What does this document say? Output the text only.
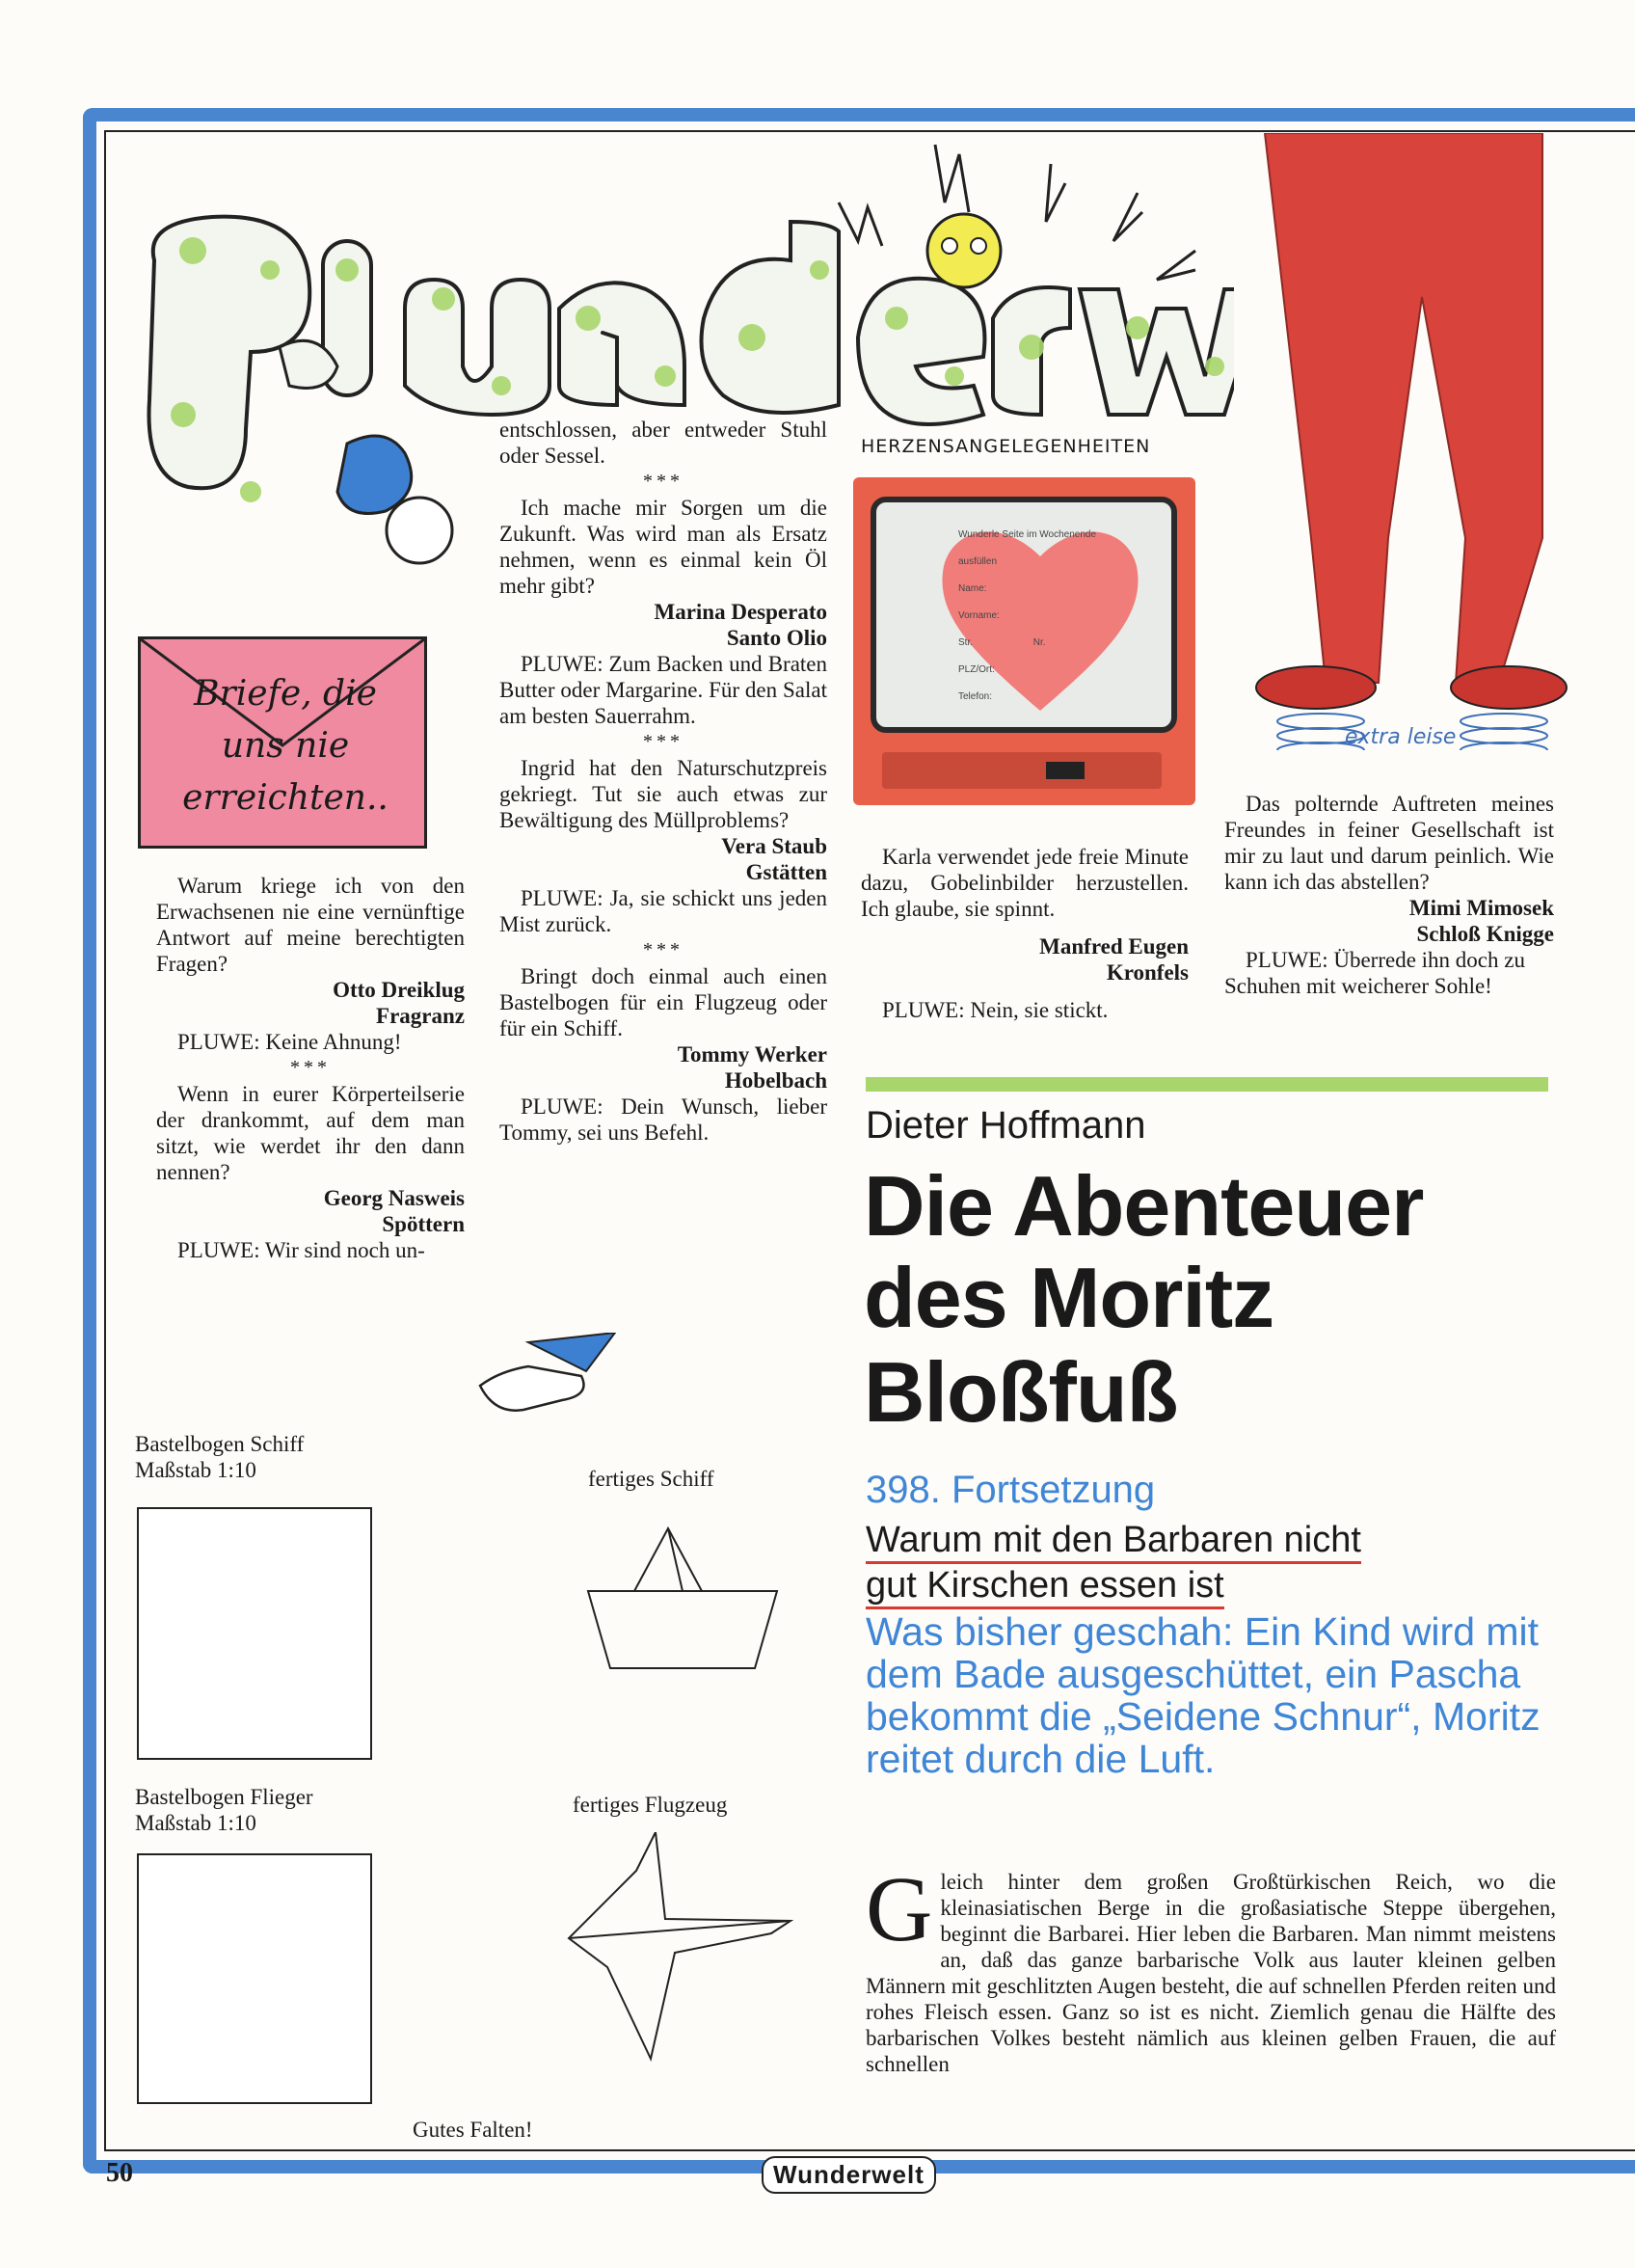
extra leise
Briefe, die uns nie erreichten..

Warum kriege ich von den Erwachsenen nie eine vernünftige Antwort auf meine berechtigten Fragen?

Otto Dreiklug

Fragranz

PLUWE: Keine Ahnung!

***

Wenn in eurer Körperteilserie der drankommt, auf dem man sitzt, wie werdet ihr den dann nennen?

Georg Nasweis

Spöttern

PLUWE: Wir sind noch un-

entschlossen, aber entweder Stuhl oder Sessel.

***

Ich mache mir Sorgen um die Zukunft. Was wird man als Ersatz nehmen, wenn es einmal kein Öl mehr gibt?

Marina Desperato

Santo Olio

PLUWE: Zum Backen und Braten Butter oder Margarine. Für den Salat am besten Sauerrahm.

***

Ingrid hat den Naturschutzpreis gekriegt. Tut sie auch etwas zur Bewältigung des Müllproblems?

Vera Staub

Gstätten

PLUWE: Ja, sie schickt uns jeden Mist zurück.

***

Bringt doch einmal auch einen Bastelbogen für ein Flugzeug oder für ein Schiff.

Tommy Werker

Hobelbach

PLUWE: Dein Wunsch, lieber Tommy, sei uns Befehl.

HERZENSANGELEGENHEITEN
Wunderle Seite im Wochenende ausfüllen
Name:
Vorname:
Str.	Nr.
PLZ/Ort:
Telefon:

Karla verwendet jede freie Minute dazu, Gobelinbilder herzustellen. Ich glaube, sie spinnt.

Manfred Eugen

Kronfels

PLUWE: Nein, sie stickt.

Das polternde Auftreten meines Freundes in feiner Gesellschaft ist mir zu laut und darum peinlich. Wie kann ich das abstellen?

Mimi Mimosek

Schloß Knigge

PLUWE: Überrede ihn doch zu Schuhen mit weicherer Sohle!

Dieter Hoffmann
Die Abenteuer
des Moritz
Bloßfuß
398. Fortsetzung
Warum mit den Barbaren nicht
gut Kirschen essen ist
Was bisher geschah: Ein Kind wird mit dem Bade ausgeschüttet, ein Pascha bekommt die „Seidene Schnur“, Moritz reitet durch die Luft.
Gleich hinter dem großen Großtürkischen Reich, wo die kleinasiatischen Berge in die großasiatische Steppe übergehen, beginnt die Barbarei. Hier leben die Barbaren. Man nimmt meistens an, daß das ganze barbarische Volk aus lauter kleinen gelben Männern mit geschlitzten Augen besteht, die auf schnellen Pferden reiten und rohes Fleisch essen. Ganz so ist es nicht. Ziemlich genau die Hälfte des barbarischen Volkes besteht nämlich aus kleinen gelben Frauen, die auf schnellen
Bastelbogen Schiff
Maßstab 1:10	fertiges Schiff
Bastelbogen Flieger
Maßstab 1:10
fertiges Flugzeug
Gutes Falten!
50	Wunderwelt
